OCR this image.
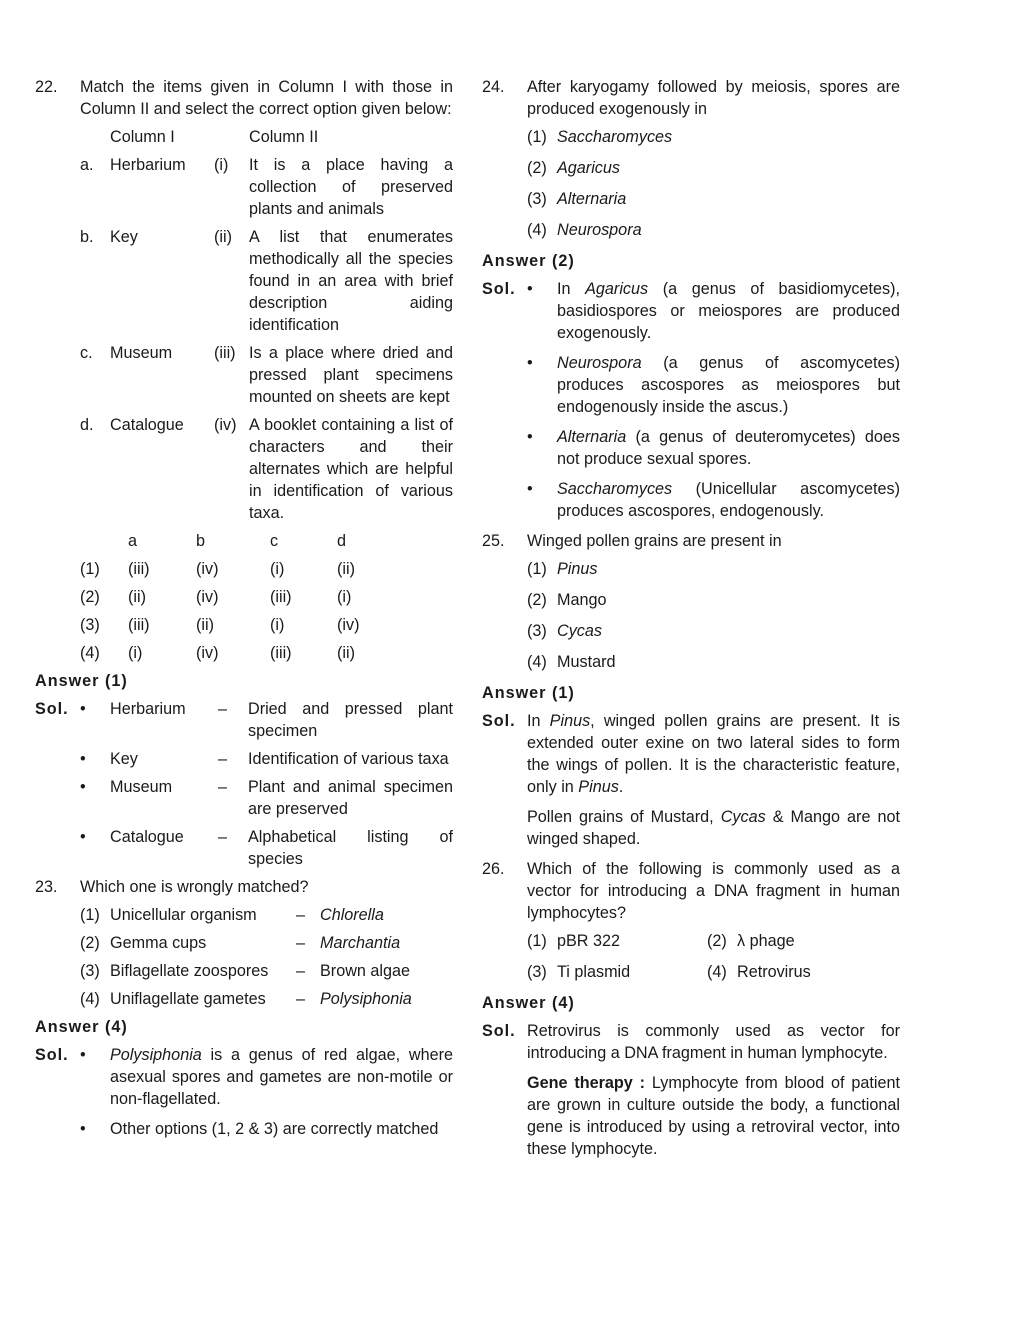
22.	Match the items given in Column I with those in Column II and select the correct option given below:
Column I	Column II
a.	Herbarium	(i)	It is a place having a collection of preserved plants and animals
b.	Key	(ii)	A list that enumerates methodically all the species found in an area with brief description aiding identification
c.	Museum	(iii) Is a place where dried and pressed plant specimens mounted on sheets are kept
d.	Catalogue	(iv) A booklet containing a list of characters and their alternates which are helpful in identification of various taxa.
a	b	c	d
(1)	(iii)	(iv)	(i)	(ii)
(2)	(ii)	(iv)	(iii)	(i)
(3)	(iii)	(ii)	(i)	(iv)
(4)	(i)	(iv)	(iii)	(ii)
Answer (1)
Sol. •	Herbarium	–	Dried and pressed plant specimen
•	Key	–	Identification of various taxa
•	Museum	–	Plant and animal specimen are preserved
•	Catalogue	–	Alphabetical listing of species
23.	Which one is wrongly matched?
(1) Unicellular organism	– Chlorella
(2) Gemma cups	– Marchantia
(3) Biflagellate zoospores	– Brown algae
(4) Uniflagellate gametes	– Polysiphonia
Answer (4)
Sol. •	Polysiphonia is a genus of red algae, where asexual spores and gametes are non-motile or non-flagellated.
•	Other options (1, 2 & 3) are correctly matched
24.	After karyogamy followed by meiosis, spores are produced exogenously in
(1) Saccharomyces
(2) Agaricus
(3) Alternaria
(4) Neurospora
Answer (2)
Sol. •	In Agaricus (a genus of basidiomycetes), basidiospores or meiospores are produced exogenously.
•	Neurospora (a genus of ascomycetes) produces ascospores as meiospores but endogenously inside the ascus.)
•	Alternaria (a genus of deuteromycetes) does not produce sexual spores.
•	Saccharomyces (Unicellular ascomycetes) produces ascospores, endogenously.
25.	Winged pollen grains are present in
(1) Pinus
(2) Mango
(3) Cycas
(4) Mustard
Answer (1)
Sol. In Pinus, winged pollen grains are present. It is extended outer exine on two lateral sides to form the wings of pollen. It is the characteristic feature, only in Pinus.
Pollen grains of Mustard, Cycas & Mango are not winged shaped.
26.	Which of the following is commonly used as a vector for introducing a DNA fragment in human lymphocytes?
(1) pBR 322	(2) λ phage
(3) Ti plasmid	(4) Retrovirus
Answer (4)
Sol. Retrovirus is commonly used as vector for introducing a DNA fragment in human lymphocyte.
Gene therapy : Lymphocyte from blood of patient are grown in culture outside the body, a functional gene is introduced by using a retroviral vector, into these lymphocyte.
